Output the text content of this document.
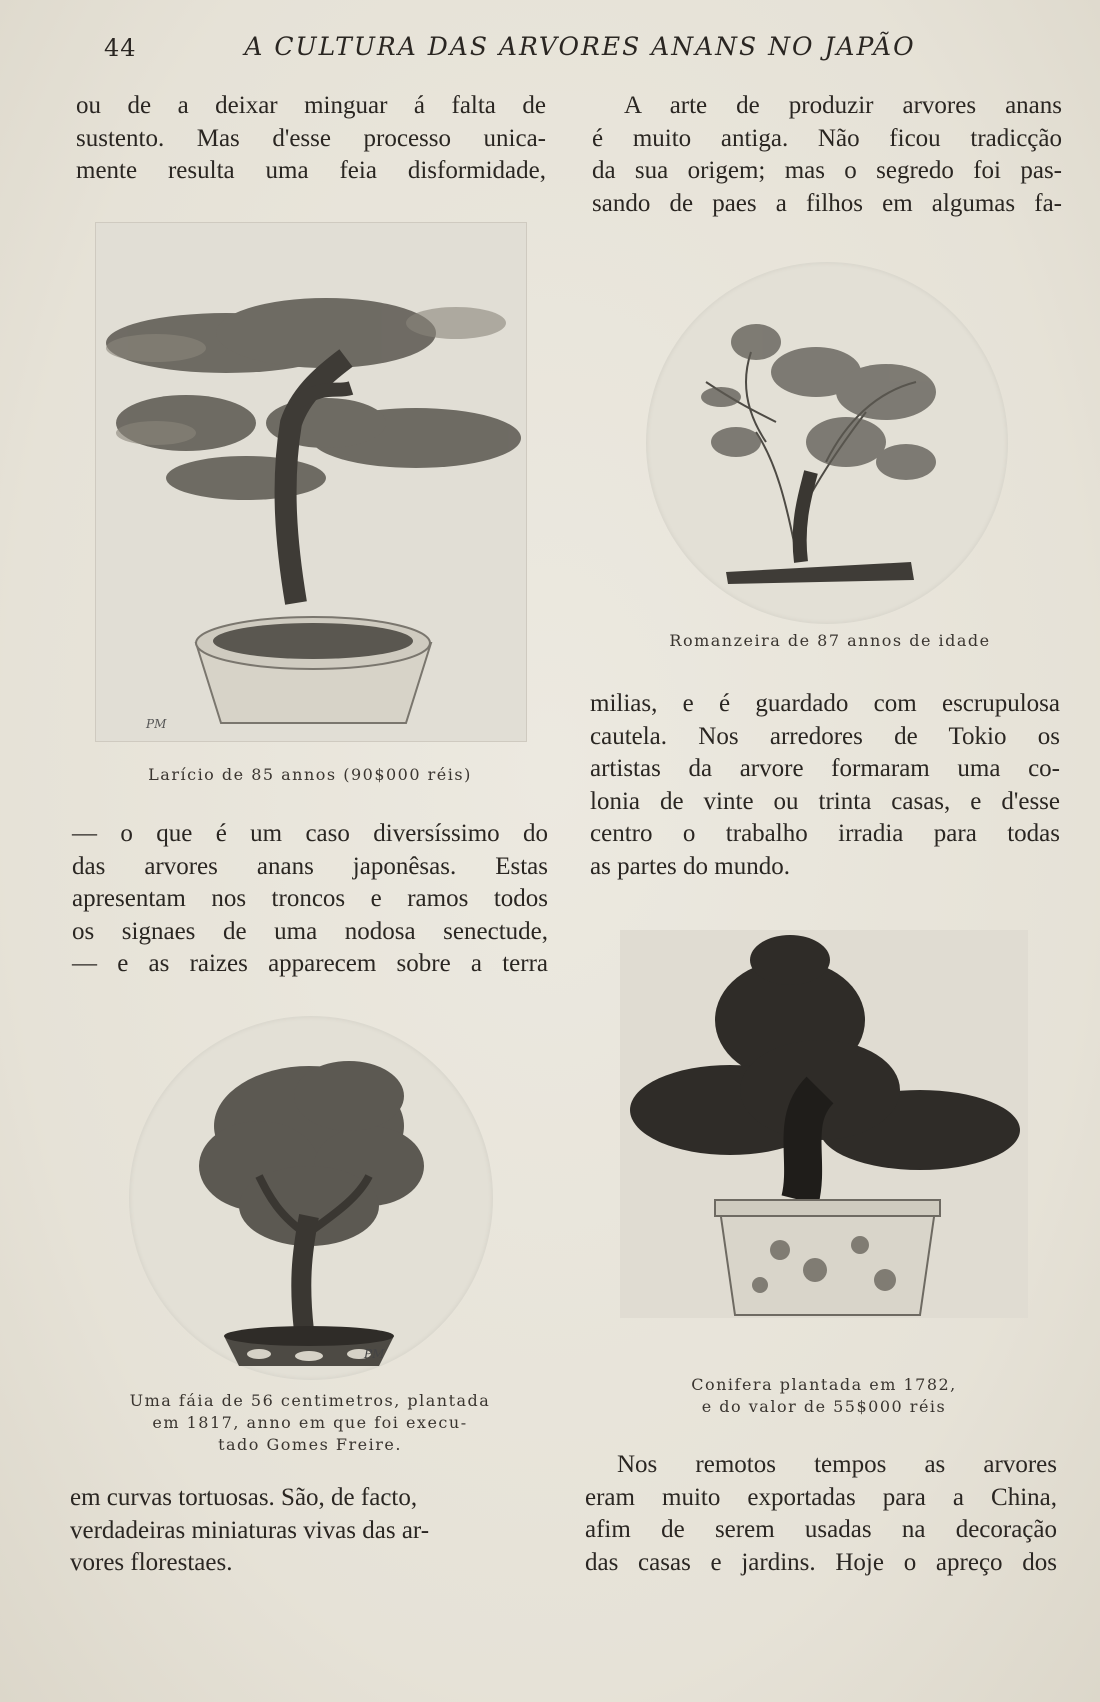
44	A CULTURA DAS ARVORES ANANS NO JAPÃO

ou de a deixar minguar á falta de

sustento. Mas d'esse processo unica-

mente resulta uma feia disformidade,

PM
Larício de 85 annos (90$000 réis)

— o que é um caso diversíssimo do

das arvores anans japonêsas. Estas

apresentam nos troncos e ramos todos

os signaes de uma nodosa senectude,

— e as raizes apparecem sobre a terra

PM

Uma fáia de 56 centimetros, plantada

em 1817, anno em que foi execu-

tado Gomes Freire.

em curvas tortuosas. São, de facto,

verdadeiras miniaturas vivas das ar-

vores florestaes.

A arte de produzir arvores anans

é muito antiga. Não ficou tradicção

da sua origem; mas o segredo foi pas-

sando de paes a filhos em algumas fa-

Romanzeira de 87 annos de idade

milias, e é guardado com escrupulosa

cautela. Nos arredores de Tokio os

artistas da arvore formaram uma co-

lonia de vinte ou trinta casas, e d'esse

centro o trabalho irradia para todas

as partes do mundo.

Conifera plantada em 1782,

e do valor de 55$000 réis

Nos remotos tempos as arvores

eram muito exportadas para a China,

afim de serem usadas na decoração

das casas e jardins. Hoje o apreço dos
